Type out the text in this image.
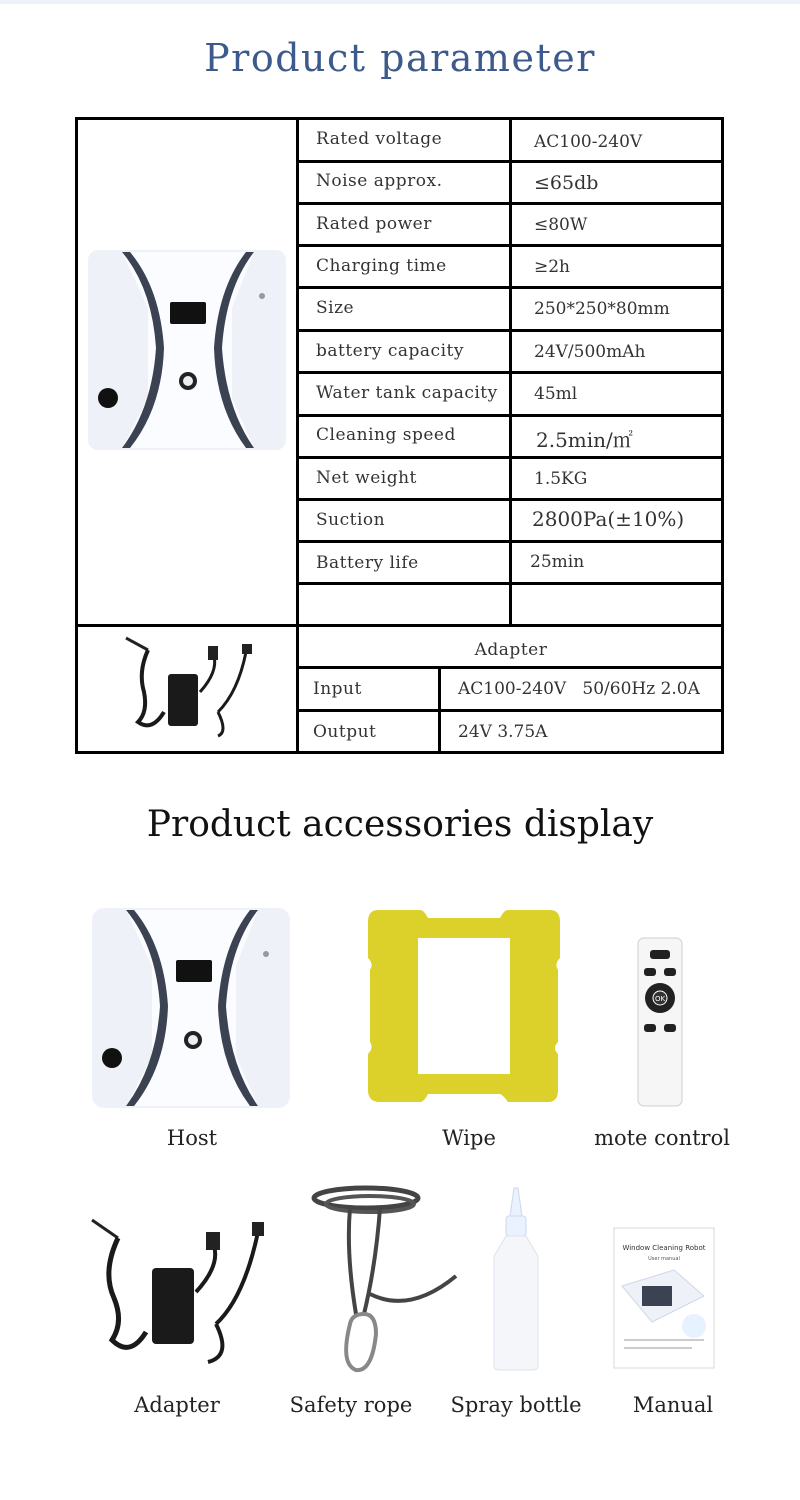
Product parameter
Rated voltage	AC100-240V
Noise approx.	≤65db
Rated power	≤80W
Charging time	≥2h
Size	250*250*80mm
battery capacity	24V/500mAh
Water tank capacity 45ml
Cleaning speed	2.5min/㎡
Net weight	1.5KG
Suction	2800Pa(±10%)
Battery life	25min
Adapter
Input	AC100-240V   50/60Hz 2.0A
Output	24V 3.75A
Product accessories display
Host	Wipe
OK
mote control
Adapter	Safety rope Spray bottle
Window Cleaning Robot
User manual
Manual
